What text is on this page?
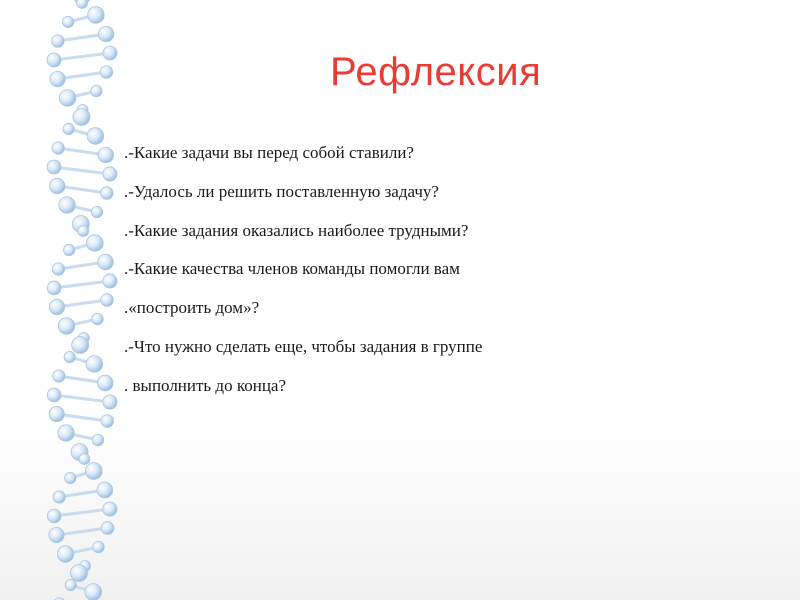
Рефлексия
.-Какие задачи вы перед собой ставили?
.-Удалось ли решить поставленную задачу?
.-Какие задания оказались наиболее трудными?
.-Какие качества членов команды помогли вам
.«построить дом»?
.-Что нужно сделать еще, чтобы задания в группе
. выполнить до конца?
